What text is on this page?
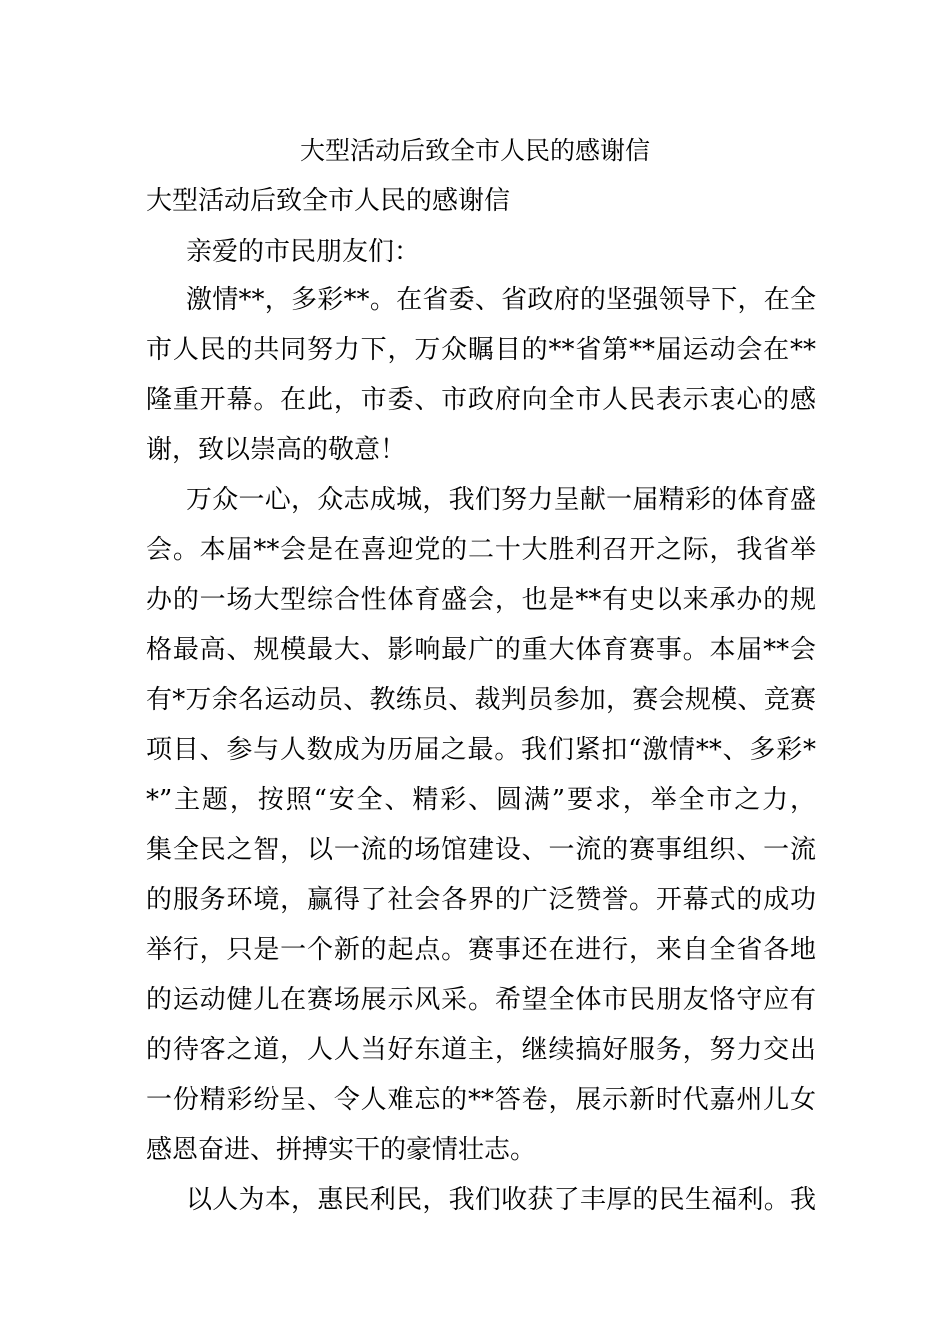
大型活动后致全市人民的感谢信
大型活动后致全市人民的感谢信
亲爱的市民朋友们：
激情**，多彩**。在省委、省政府的坚强领导下，在全
市人民的共同努力下，万众瞩目的**省第**届运动会在**
隆重开幕。在此，市委、市政府向全市人民表示衷心的感
谢，致以崇高的敬意！
万众一心，众志成城，我们努力呈献一届精彩的体育盛
会。本届**会是在喜迎党的二十大胜利召开之际，我省举
办的一场大型综合性体育盛会，也是**有史以来承办的规
格最高、规模最大、影响最广的重大体育赛事。本届**会
有*万余名运动员、教练员、裁判员参加，赛会规模、竞赛
项目、参与人数成为历届之最。我们紧扣“激情**、多彩*
*”主题，按照“安全、精彩、圆满”要求，举全市之力，
集全民之智，以一流的场馆建设、一流的赛事组织、一流
的服务环境，赢得了社会各界的广泛赞誉。开幕式的成功
举行，只是一个新的起点。赛事还在进行，来自全省各地
的运动健儿在赛场展示风采。希望全体市民朋友恪守应有
的待客之道，人人当好东道主，继续搞好服务，努力交出
一份精彩纷呈、令人难忘的**答卷，展示新时代嘉州儿女
感恩奋进、拼搏实干的豪情壮志。
以人为本，惠民利民，我们收获了丰厚的民生福利。我
